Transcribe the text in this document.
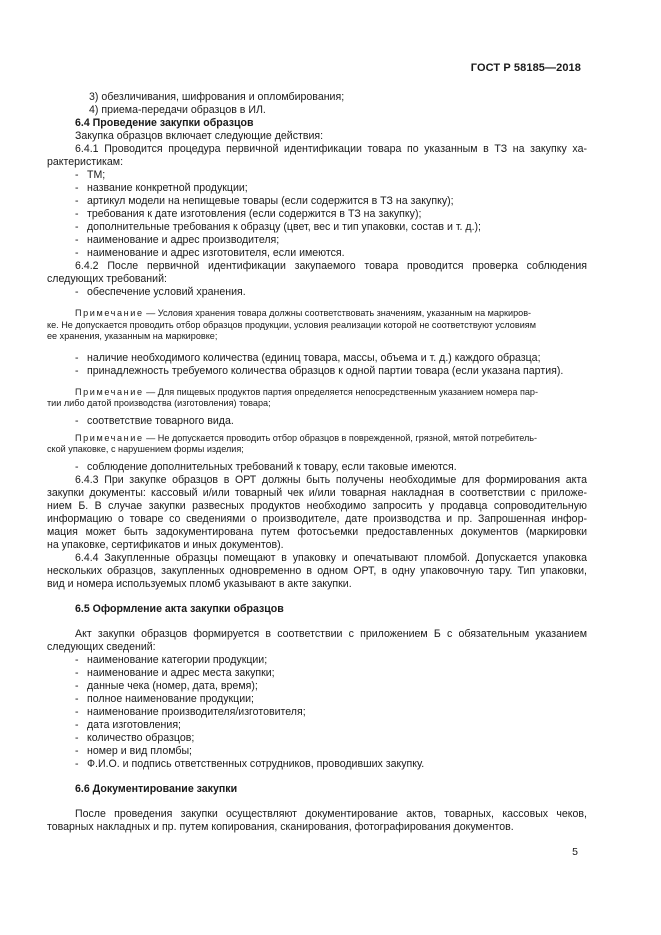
ГОСТ Р 58185—2018
3) обезличивания, шифрования и опломбирования;
4) приема-передачи образцов в ИЛ.
6.4 Проведение закупки образцов
Закупка образцов включает следующие действия:
6.4.1 Проводится процедура первичной идентификации товара по указанным в ТЗ на закупку ха-
рактеристикам:
- ТМ;
- название конкретной продукции;
- артикул модели на непищевые товары (если содержится в ТЗ на закупку);
- требования к дате изготовления (если содержится в ТЗ на закупку);
- дополнительные требования к образцу (цвет, вес и тип упаковки, состав и т. д.);
- наименование и адрес производителя;
- наименование и адрес изготовителя, если имеются.
6.4.2 После первичной идентификации закупаемого товара проводится проверка соблюдения
следующих требований:
- обеспечение условий хранения.
Примечание — Условия хранения товара должны соответствовать значениям, указанным на маркиров-
ке. Не допускается проводить отбор образцов продукции, условия реализации которой не соответствуют условиям
ее хранения, указанным на маркировке;
- наличие необходимого количества (единиц товара, массы, объема и т. д.) каждого образца;
- принадлежность требуемого количества образцов к одной партии товара (если указана партия).
Примечание — Для пищевых продуктов партия определяется непосредственным указанием номера пар-
тии либо датой производства (изготовления) товара;
- соответствие товарного вида.
Примечание — Не допускается проводить отбор образцов в поврежденной, грязной, мятой потребитель-
ской упаковке, с нарушением формы изделия;
- соблюдение дополнительных требований к товару, если таковые имеются.
6.4.3 При закупке образцов в ОРТ должны быть получены необходимые для формирования акта
закупки документы: кассовый и/или товарный чек и/или товарная накладная в соответствии с приложе-
нием Б. В случае закупки развесных продуктов необходимо запросить у продавца сопроводительную
информацию о товаре со сведениями о производителе, дате производства и пр. Запрошенная инфор-
мация может быть задокументирована путем фотосъемки предоставленных документов (маркировки
на упаковке, сертификатов и иных документов).
6.4.4 Закупленные образцы помещают в упаковку и опечатывают пломбой. Допускается упаковка
нескольких образцов, закупленных одновременно в одном ОРТ, в одну упаковочную тару. Тип упаковки,
вид и номера используемых пломб указывают в акте закупки.
6.5 Оформление акта закупки образцов
Акт закупки образцов формируется в соответствии с приложением Б с обязательным указанием
следующих сведений:
- наименование категории продукции;
- наименование и адрес места закупки;
- данные чека (номер, дата, время);
- полное наименование продукции;
- наименование производителя/изготовителя;
- дата изготовления;
- количество образцов;
- номер и вид пломбы;
- Ф.И.О. и подпись ответственных сотрудников, проводивших закупку.
6.6 Документирование закупки
После проведения закупки осуществляют документирование актов, товарных, кассовых чеков,
товарных накладных и пр. путем копирования, сканирования, фотографирования документов.
5
